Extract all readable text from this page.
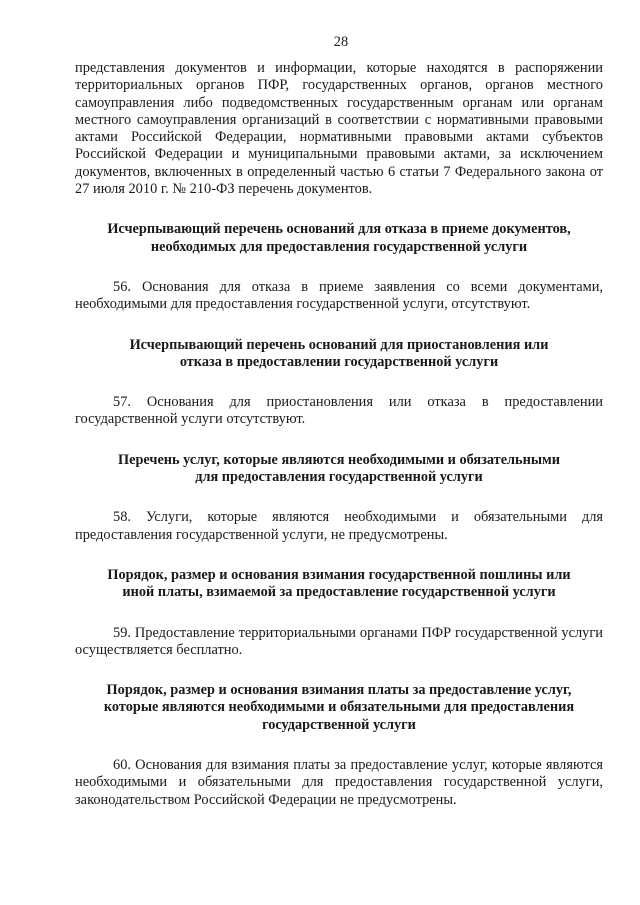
28

представления документов и информации, которые находятся в распоряжении территориальных органов ПФР, государственных органов, органов местного самоуправления либо подведомственных государственным органам или органам местного самоуправления организаций в соответствии с нормативными правовыми актами Российской Федерации, нормативными правовыми актами субъектов Российской Федерации и муниципальными правовыми актами, за исключением документов, включенных в определенный частью 6 статьи 7 Федерального закона от 27 июля 2010 г. № 210-ФЗ перечень документов.

Исчерпывающий перечень оснований для отказа в приеме документов,
необходимых для предоставления государственной услуги

56. Основания для отказа в приеме заявления со всеми документами, необходимыми для предоставления государственной услуги, отсутствуют.

Исчерпывающий перечень оснований для приостановления или
отказа в предоставлении государственной услуги

57. Основания для приостановления или отказа в предоставлении государственной услуги отсутствуют.

Перечень услуг, которые являются необходимыми и обязательными
для предоставления государственной услуги

58. Услуги, которые являются необходимыми и обязательными для предоставления государственной услуги, не предусмотрены.

Порядок, размер и основания взимания государственной пошлины или
иной платы, взимаемой за предоставление государственной услуги

59. Предоставление территориальными органами ПФР государственной услуги осуществляется бесплатно.

Порядок, размер и основания взимания платы за предоставление услуг,
которые являются необходимыми и обязательными для предоставления
государственной услуги

60. Основания для взимания платы за предоставление услуг, которые являются необходимыми и обязательными для предоставления государственной услуги, законодательством Российской Федерации не предусмотрены.
